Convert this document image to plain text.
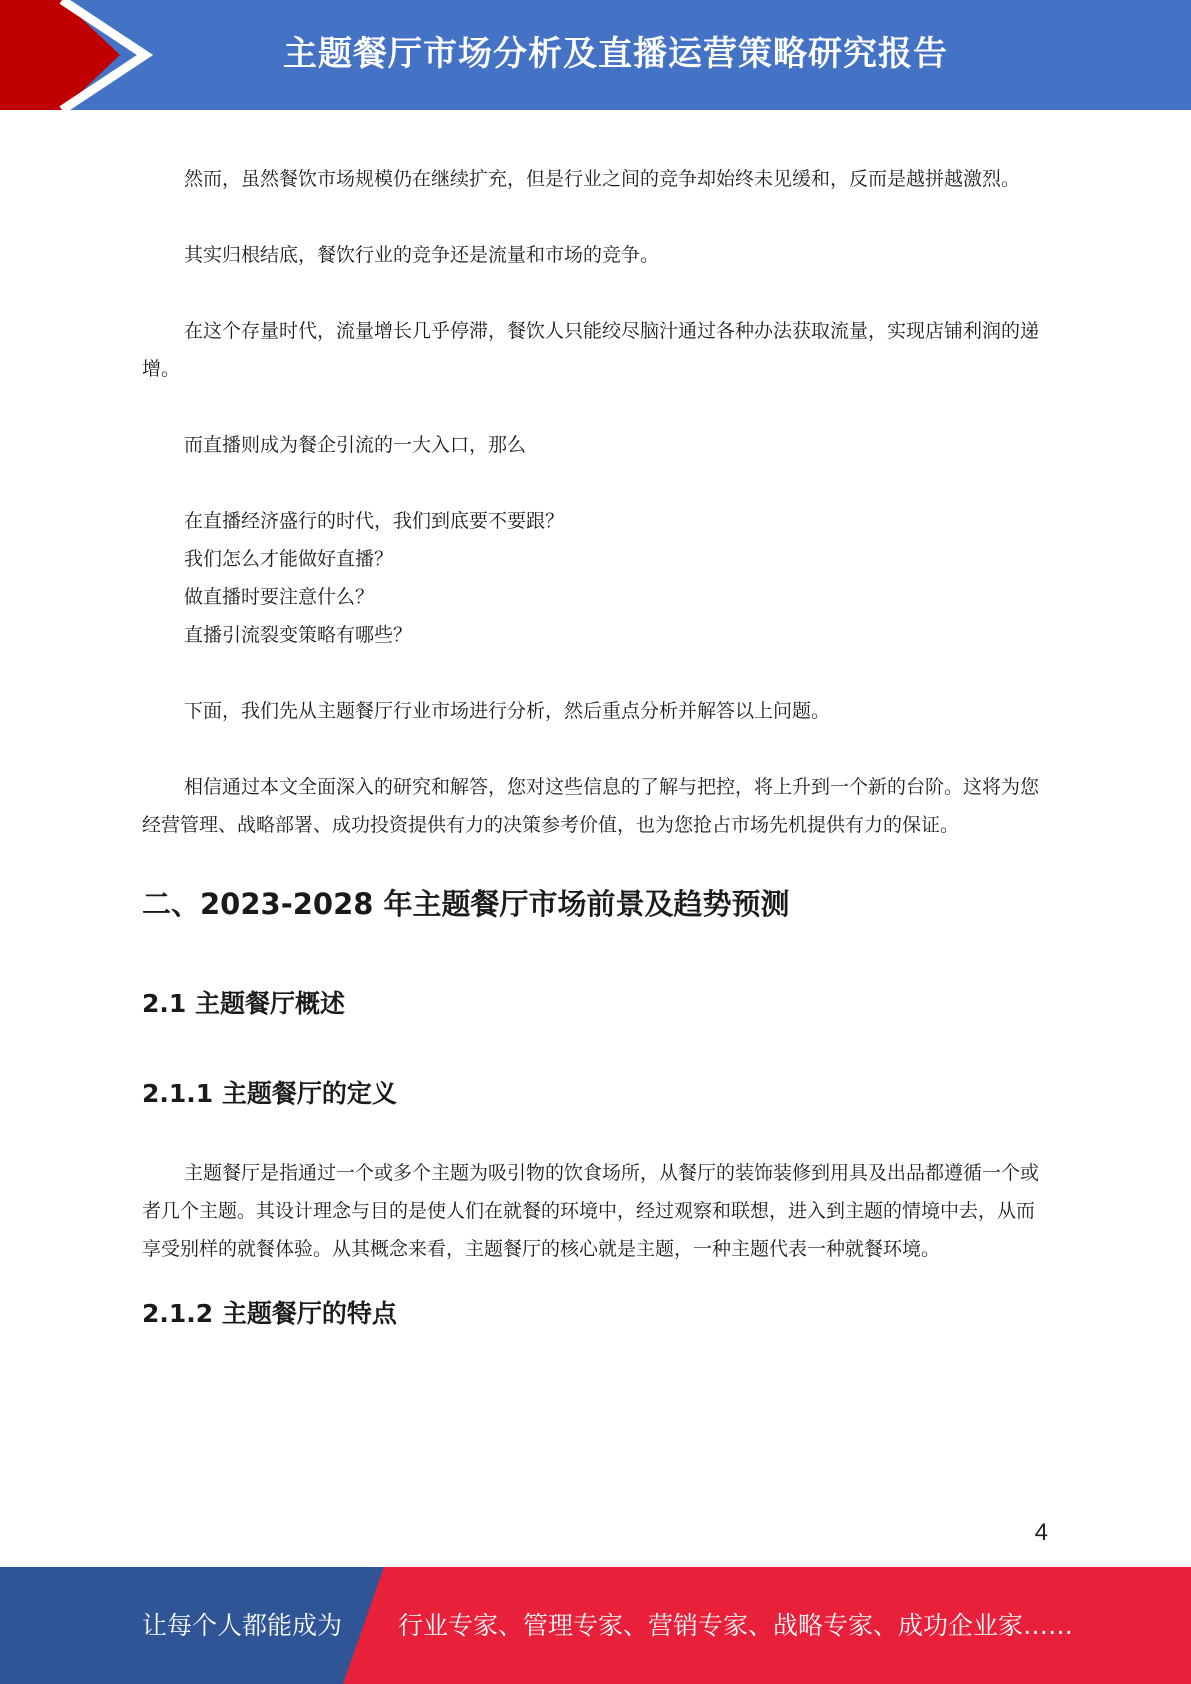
主题餐厅市场分析及直播运营策略研究报告

然而，虽然餐饮市场规模仍在继续扩充，但是行业之间的竞争却始终未见缓和，反而是越拼越激烈。

其实归根结底，餐饮行业的竞争还是流量和市场的竞争。

在这个存量时代，流量增长几乎停滞，餐饮人只能绞尽脑汁通过各种办法获取流量，实现店铺利润的递增。

而直播则成为餐企引流的一大入口，那么

在直播经济盛行的时代，我们到底要不要跟？

我们怎么才能做好直播？

做直播时要注意什么？

直播引流裂变策略有哪些？

下面，我们先从主题餐厅行业市场进行分析，然后重点分析并解答以上问题。

相信通过本文全面深入的研究和解答，您对这些信息的了解与把控，将上升到一个新的台阶。这将为您经营管理、战略部署、成功投资提供有力的决策参考价值，也为您抢占市场先机提供有力的保证。

二、2023-2028 年主题餐厅市场前景及趋势预测
2.1 主题餐厅概述
2.1.1 主题餐厅的定义

主题餐厅是指通过一个或多个主题为吸引物的饮食场所，从餐厅的装饰装修到用具及出品都遵循一个或者几个主题。其设计理念与目的是使人们在就餐的环境中，经过观察和联想，进入到主题的情境中去，从而享受别样的就餐体验。从其概念来看，主题餐厅的核心就是主题，一种主题代表一种就餐环境。

2.1.2 主题餐厅的特点
4
让每个人都能成为 行业专家、管理专家、营销专家、战略专家、成功企业家……
